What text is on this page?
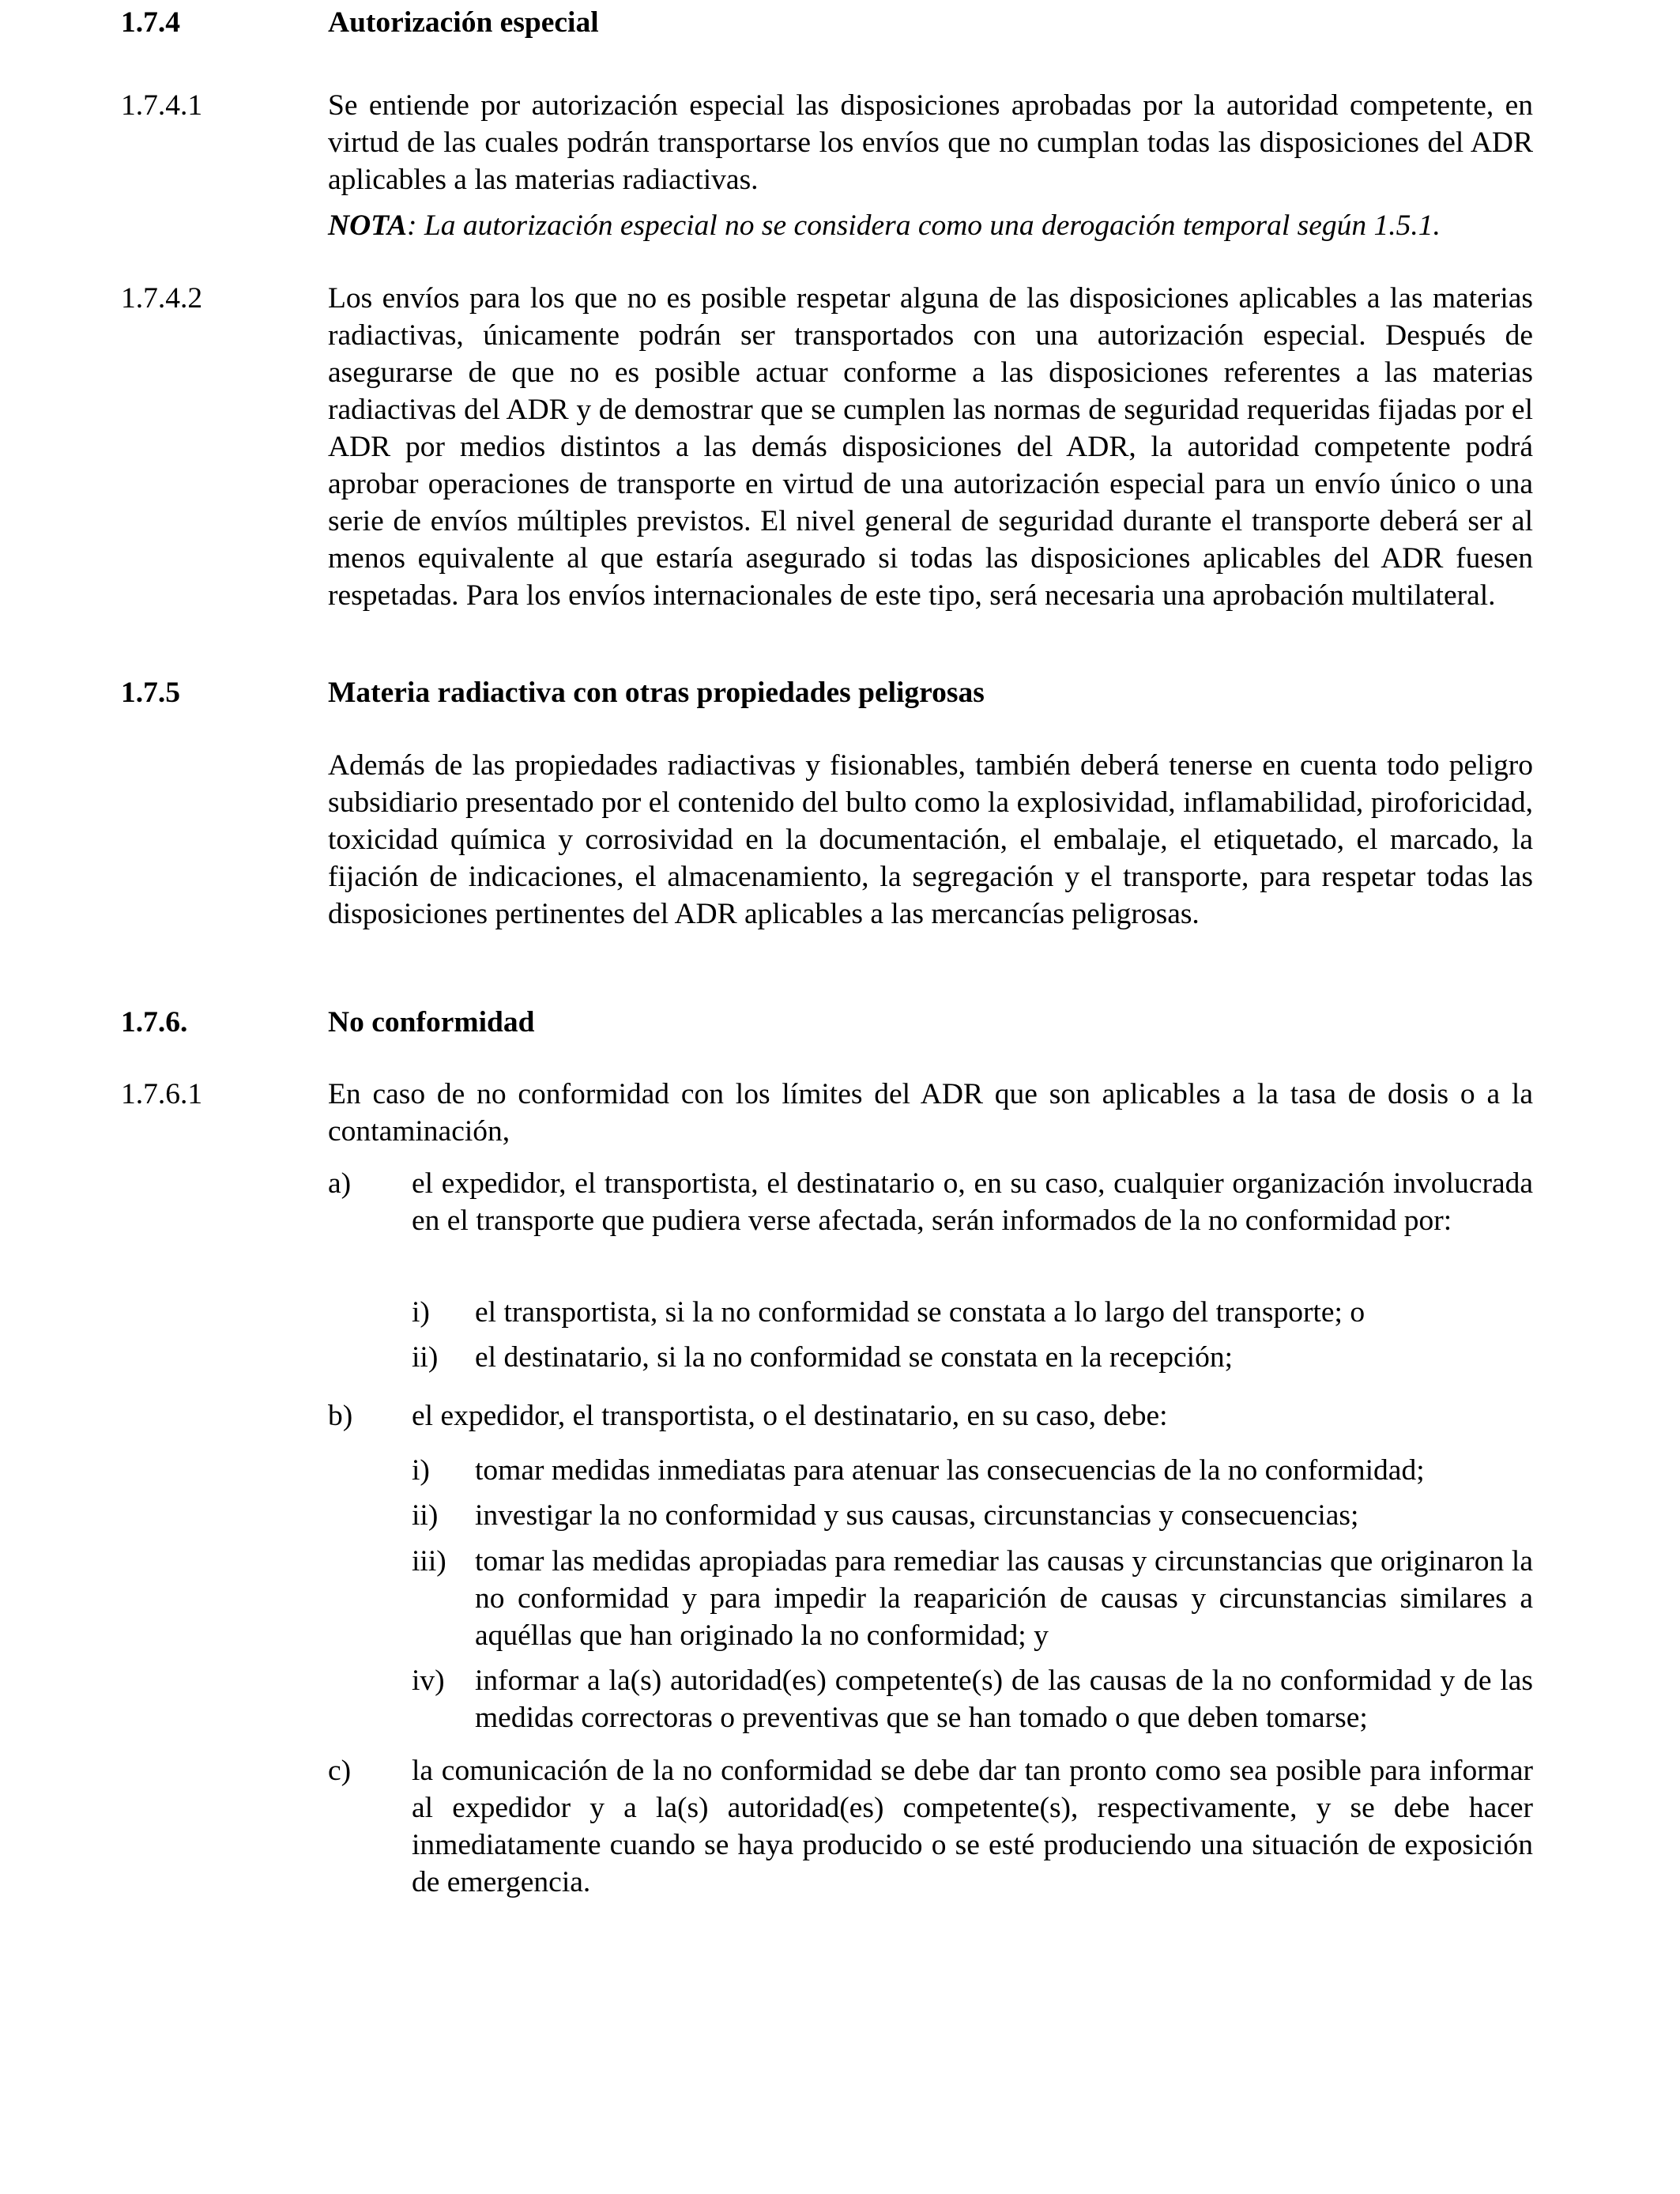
1.7.4	Autorización especial
1.7.4.1	Se entiende por autorización especial las disposiciones aprobadas por la autoridad competente, en virtud de las cuales podrán transportarse los envíos que no cumplan todas las disposiciones del ADR aplicables a las materias radiactivas.
NOTA: La autorización especial no se considera como una derogación temporal según 1.5.1.
1.7.4.2	Los envíos para los que no es posible respetar alguna de las disposiciones aplicables a las materias radiactivas, únicamente podrán ser transportados con una autorización especial. Después de asegurarse de que no es posible actuar conforme a las disposiciones referentes a las materias radiactivas del ADR y de demostrar que se cumplen las normas de seguridad requeridas fijadas por el ADR por medios distintos a las demás disposiciones del ADR, la autoridad competente podrá aprobar operaciones de transporte en virtud de una autorización especial para un envío único o una serie de envíos múltiples previstos. El nivel general de seguridad durante el transporte deberá ser al menos equivalente al que estaría asegurado si todas las disposiciones aplicables del ADR fuesen respetadas. Para los envíos internacionales de este tipo, será necesaria una aprobación multilateral.
1.7.5	Materia radiactiva con otras propiedades peligrosas
Además de las propiedades radiactivas y fisionables, también deberá tenerse en cuenta todo peligro subsidiario presentado por el contenido del bulto como la explosividad, inflamabilidad, piroforicidad, toxicidad química y corrosividad en la documentación, el embalaje, el etiquetado, el marcado, la fijación de indicaciones, el almacenamiento, la segregación y el transporte, para respetar todas las disposiciones pertinentes del ADR aplicables a las mercancías peligrosas.
1.7.6.	No conformidad
1.7.6.1	En caso de no conformidad con los límites del ADR que son aplicables a la tasa de dosis o a la contaminación,
a) el expedidor, el transportista, el destinatario o, en su caso, cualquier organización involucrada en el transporte que pudiera verse afectada, serán informados de la no conformidad por:
i) el transportista, si la no conformidad se constata a lo largo del transporte; o
ii) el destinatario, si la no conformidad se constata en la recepción;
b) el expedidor, el transportista, o el destinatario, en su caso, debe:
i) tomar medidas inmediatas para atenuar las consecuencias de la no conformidad;
ii) investigar la no conformidad y sus causas, circunstancias y consecuencias;
iii) tomar las medidas apropiadas para remediar las causas y circunstancias que originaron la no conformidad y para impedir la reaparición de causas y circunstancias similares a aquéllas que han originado la no conformidad; y
iv) informar a la(s) autoridad(es) competente(s) de las causas de la no conformidad y de las medidas correctoras o preventivas que se han tomado o que deben tomarse;
c) la comunicación de la no conformidad se debe dar tan pronto como sea posible para informar al expedidor y a la(s) autoridad(es) competente(s), respectivamente, y se debe hacer inmediatamente cuando se haya producido o se esté produciendo una situación de exposición de emergencia.
